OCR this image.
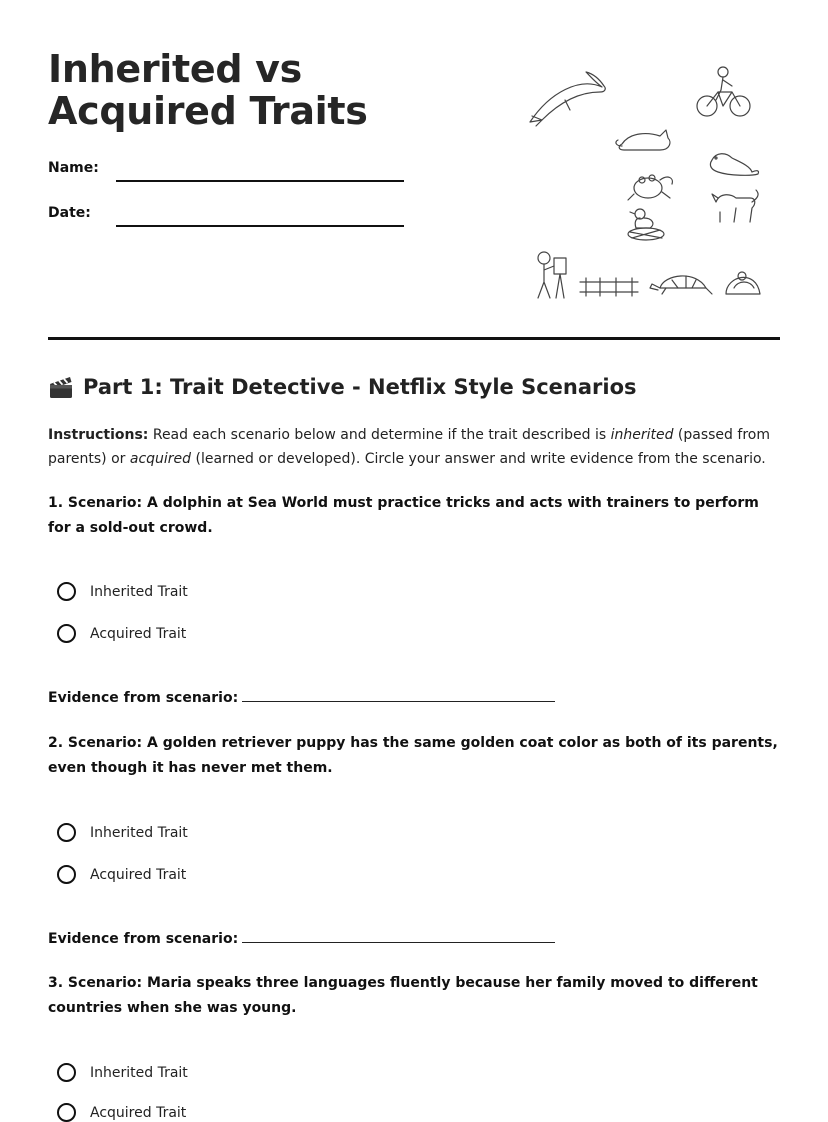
Inherited vs Acquired Traits
Name:
Date:
Part 1: Trait Detective - Netflix Style Scenarios

Instructions: Read each scenario below and determine if the trait described is inherited (passed from parents) or acquired (learned or developed). Circle your answer and write evidence from the scenario.

1. Scenario: A dolphin at Sea World must practice tricks and acts with trainers to perform for a sold-out crowd.

Inherited Trait
Acquired Trait
Evidence from scenario:

2. Scenario: A golden retriever puppy has the same golden coat color as both of its parents, even though it has never met them.

Inherited Trait
Acquired Trait
Evidence from scenario:

3. Scenario: Maria speaks three languages fluently because her family moved to different countries when she was young.

Inherited Trait
Acquired Trait
